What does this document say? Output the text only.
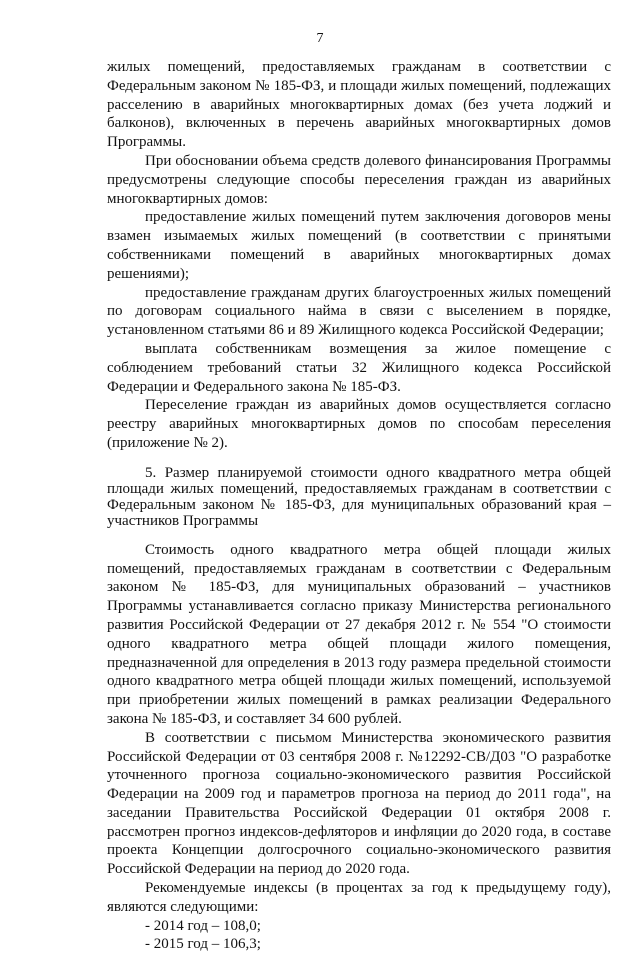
7

жилых помещений, предоставляемых гражданам в соответствии с Федеральным законом № 185-ФЗ, и площади жилых помещений, подлежащих расселению в аварийных многоквартирных домах (без учета лоджий и балконов), включенных в перечень аварийных многоквартирных домов Программы.

При обосновании объема средств долевого финансирования Программы предусмотрены следующие способы переселения граждан из аварийных многоквартирных домов:

предоставление жилых помещений путем заключения договоров мены взамен изымаемых жилых помещений (в соответствии с принятыми собственниками помещений в аварийных многоквартирных домах решениями);

предоставление гражданам других благоустроенных жилых помещений по договорам социального найма в связи с выселением в порядке, установленном статьями 86 и 89 Жилищного кодекса Российской Федерации;

выплата собственникам возмещения за жилое помещение с соблюдением требований статьи 32 Жилищного кодекса Российской Федерации и Федерального закона № 185-ФЗ.

Переселение граждан из аварийных домов осуществляется согласно реестру аварийных многоквартирных домов по способам переселения (приложение № 2).

5. Размер планируемой стоимости одного квадратного метра общей площади жилых помещений, предоставляемых гражданам в соответствии с Федеральным законом № 185-ФЗ, для муниципальных образований края – участников Программы

Стоимость одного квадратного метра общей площади жилых помещений, предоставляемых гражданам в соответствии с Федеральным законом № 185-ФЗ, для муниципальных образований – участников Программы устанавливается согласно приказу Министерства регионального развития Российской Федерации от 27 декабря 2012 г. № 554 "О стоимости одного квадратного метра общей площади жилого помещения, предназначенной для определения в 2013 году размера предельной стоимости одного квадратного метра общей площади жилых помещений, используемой при приобретении жилых помещений в рамках реализации Федерального закона № 185-ФЗ, и составляет 34 600 рублей.

В соответствии с письмом Министерства экономического развития Российской Федерации от 03 сентября 2008 г. №12292-СВ/Д03 "О разработке уточненного прогноза социально-экономического развития Российской Федерации на 2009 год и параметров прогноза на период до 2011 года", на заседании Правительства Российской Федерации 01 октября 2008 г. рассмотрен прогноз индексов-дефляторов и инфляции до 2020 года, в составе проекта Концепции долгосрочного социально-экономического развития Российской Федерации на период до 2020 года.

Рекомендуемые индексы (в процентах за год к предыдущему году), являются следующими:

- 2014 год – 108,0;

- 2015 год – 106,3;
